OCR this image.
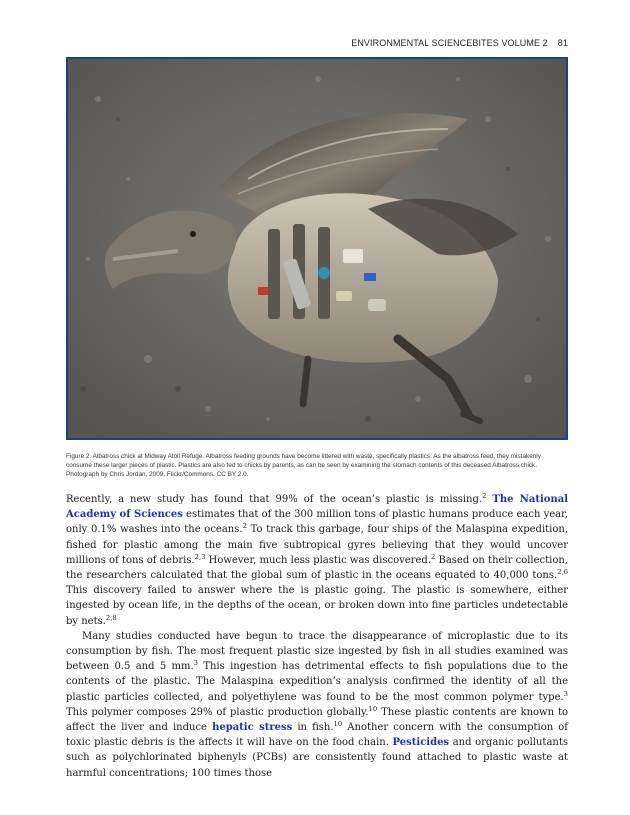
ENVIRONMENTAL SCIENCEBITES VOLUME 2 81
Figure 2. Albatross chick at Midway Atoll Refuge. Albatross feeding grounds have become littered with waste, specifically plastics. As the albatross feed, they mistakenly consume these larger pieces of plastic. Plastics are also fed to chicks by parents, as can be seen by examining the stomach contents of this deceased Albatross chick. Photograph by Chris Jordan, 2009, Flickr/Commons. CC BY 2.0.

Recently, a new study has found that 99% of the ocean’s plastic is missing.$^2$ The National Academy of Sciences estimates that of the 300 million tons of plastic humans produce each year, only 0.1% washes into the oceans.$^2$ To track this garbage, four ships of the Malaspina expedition, fished for plastic among the main five subtropical gyres believing that they would uncover millions of tons of debris.$^{2,3}$ However, much less plastic was discovered.$^2$ Based on their collection, the researchers calculated that the global sum of plastic in the oceans equated to 40,000 tons.$^{2,6}$ This discovery failed to answer where the is plastic going. The plastic is somewhere, either ingested by ocean life, in the depths of the ocean, or broken down into fine particles undetectable by nets.$^{2,8}$

Many studies conducted have begun to trace the disappearance of microplastic due to its consumption by fish. The most frequent plastic size ingested by fish in all studies examined was between 0.5 and 5 mm.$^3$ This ingestion has detrimental effects to fish populations due to the contents of the plastic. The Malaspina expedition’s analysis confirmed the identity of all the plastic particles collected, and polyethylene was found to be the most common polymer type.$^3$ This polymer composes 29% of plastic production globally.$^{10}$ These plastic contents are known to affect the liver and induce hepatic stress in fish.$^{10}$ Another concern with the consumption of toxic plastic debris is the affects it will have on the food chain. Pesticides and organic pollutants such as polychlorinated biphenyls (PCBs) are consistently found attached to plastic waste at harmful concentrations; 100 times those
